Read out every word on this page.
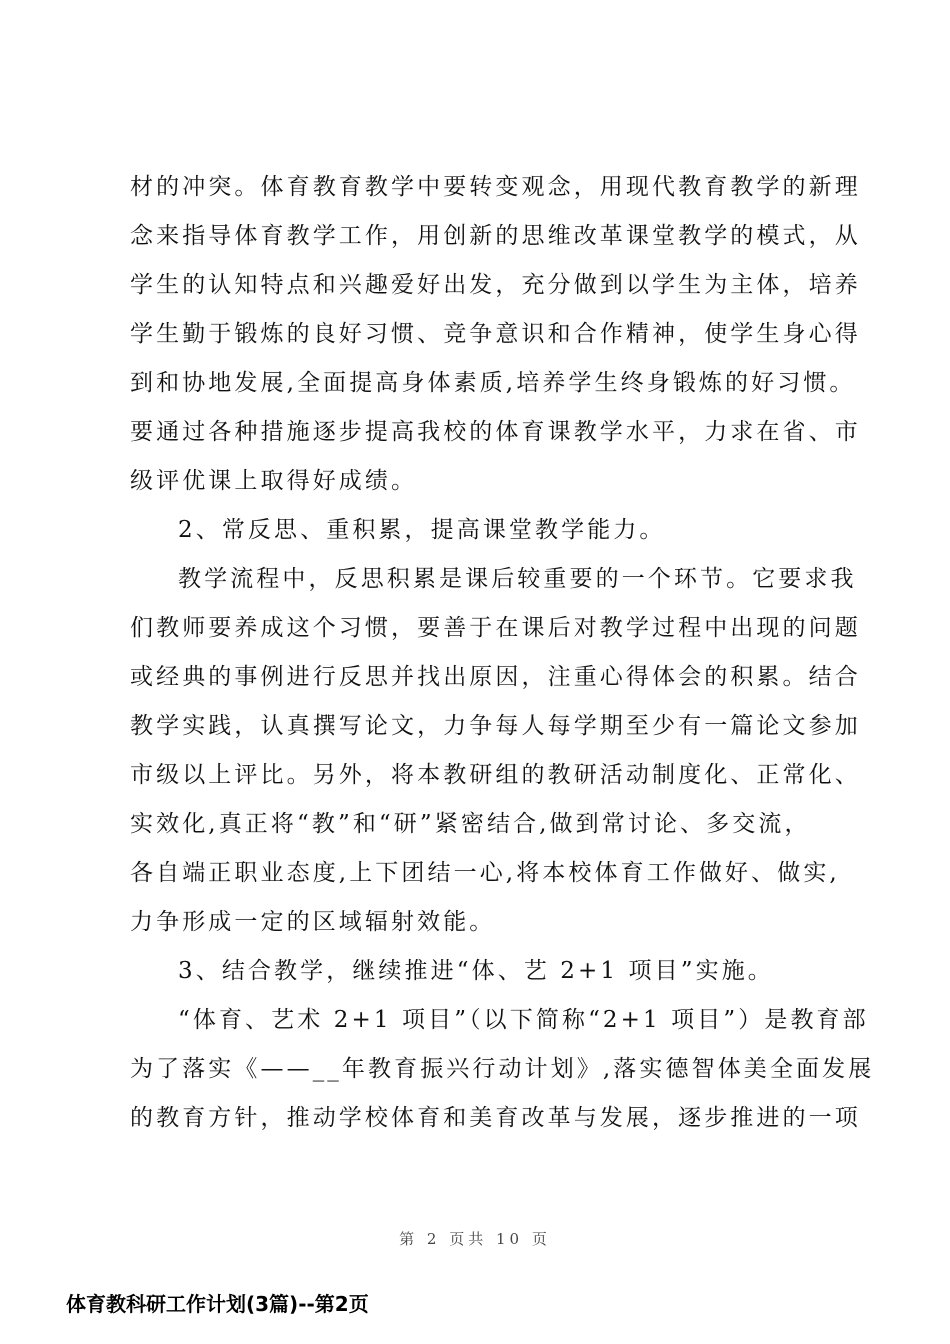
材的冲突。体育教育教学中要转变观念，用现代教育教学的新理
念来指导体育教学工作，用创新的思维改革课堂教学的模式，从
学生的认知特点和兴趣爱好出发，充分做到以学生为主体，培养
学生勤于锻炼的良好习惯、竞争意识和合作精神，使学生身心得
到和协地发展,全面提高身体素质,培养学生终身锻炼的好习惯。
要通过各种措施逐步提高我校的体育课教学水平，力求在省、市
级评优课上取得好成绩。
2、常反思、重积累，提高课堂教学能力。
教学流程中，反思积累是课后较重要的一个环节。它要求我
们教师要养成这个习惯，要善于在课后对教学过程中出现的问题
或经典的事例进行反思并找出原因，注重心得体会的积累。结合
教学实践，认真撰写论文，力争每人每学期至少有一篇论文参加
市级以上评比。另外，将本教研组的教研活动制度化、正常化、
实效化,真正将“教”和“研”紧密结合,做到常讨论、多交流，
各自端正职业态度,上下团结一心,将本校体育工作做好、做实,
力争形成一定的区域辐射效能。
3、结合教学，继续推进“体、艺 2+1 项目”实施。
“体育、艺术 2+1 项目”（以下简称“2+1 项目”）是教育部
为了落实《——__年教育振兴行动计划》,落实德智体美全面发展
的教育方针，推动学校体育和美育改革与发展，逐步推进的一项
第 2 页共 10 页
体育教科研工作计划(3篇)--第2页
